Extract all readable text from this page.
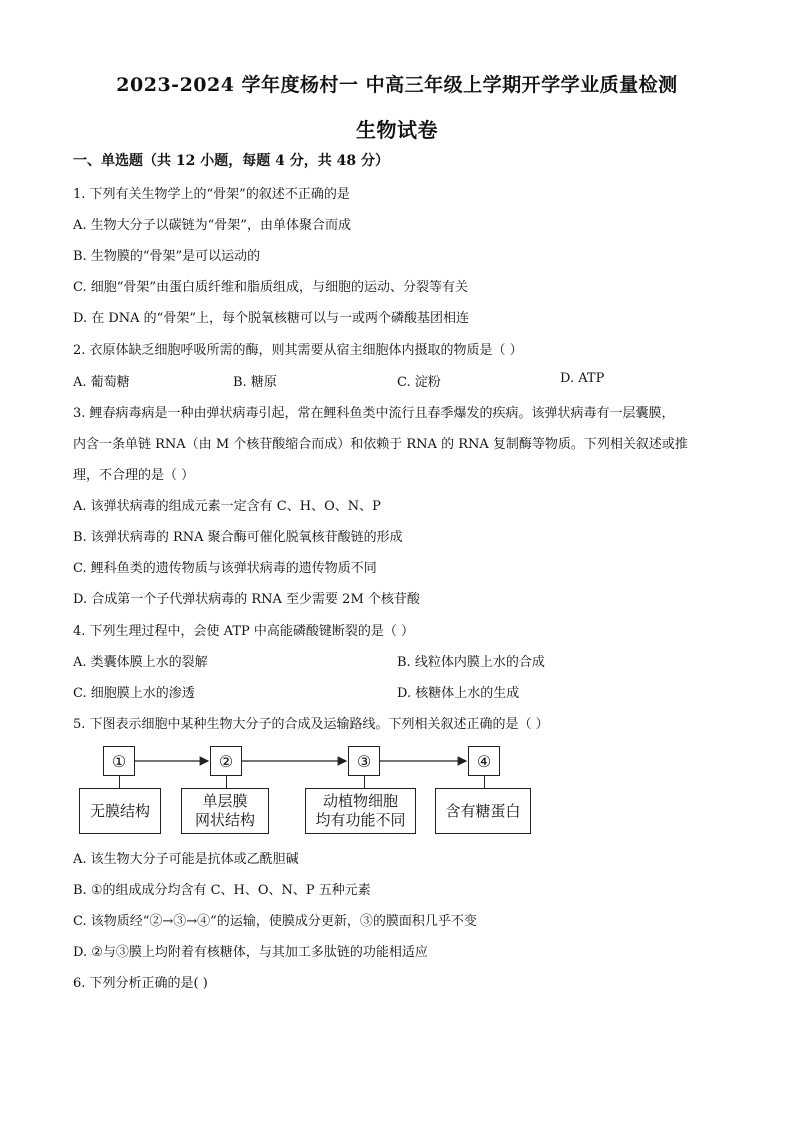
2023-2024 学年度杨村一 中高三年级上学期开学学业质量检测
生物试卷
一、单选题（共 12 小题，每题 4 分，共 48 分）
1. 下列有关生物学上的“骨架”的叙述不正确的是
A. 生物大分子以碳链为“骨架”，由单体聚合而成
B. 生物膜的“骨架”是可以运动的
C. 细胞“骨架”由蛋白质纤维和脂质组成，与细胞的运动、分裂等有关
D. 在 DNA 的“骨架”上，每个脱氧核糖可以与一或两个磷酸基团相连
2. 衣原体缺乏细胞呼吸所需的酶，则其需要从宿主细胞体内摄取的物质是（ ）
A. 葡萄糖	B. 糖原	C. 淀粉	D. ATP
3. 鲤春病毒病是一种由弹状病毒引起，常在鲤科鱼类中流行且春季爆发的疾病。该弹状病毒有一层囊膜，
内含一条单链 RNA（由 M 个核苷酸缩合而成）和依赖于 RNA 的 RNA 复制酶等物质。下列相关叙述或推
理，不合理的是（ ）
A. 该弹状病毒的组成元素一定含有 C、H、O、N、P
B. 该弹状病毒的 RNA 聚合酶可催化脱氧核苷酸链的形成
C. 鲤科鱼类的遗传物质与该弹状病毒的遗传物质不同
D. 合成第一个子代弹状病毒的 RNA 至少需要 2M 个核苷酸
4. 下列生理过程中，会使 ATP 中高能磷酸键断裂的是（ ）
A. 类囊体膜上水的裂解	B. 线粒体内膜上水的合成
C. 细胞膜上水的渗透	D. 核糖体上水的生成
5. 下图表示细胞中某种生物大分子的合成及运输路线。下列相关叙述正确的是（ ）
①	②	③	④
无膜结构
单层膜
网状结构
动植物细胞
均有功能不同
含有糖蛋白
A. 该生物大分子可能是抗体或乙酰胆碱
B. ①的组成成分均含有 C、H、O、N、P 五种元素
C. 该物质经“②→③→④”的运输，使膜成分更新，③的膜面积几乎不变
D. ②与③膜上均附着有核糖体，与其加工多肽链的功能相适应
6. 下列分析正确的是( )
